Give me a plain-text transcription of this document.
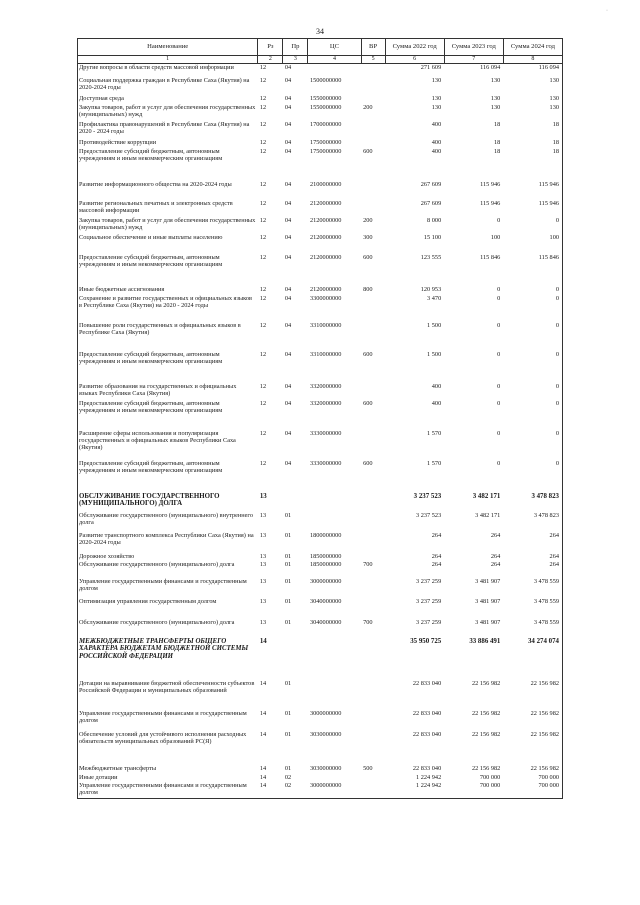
34
·
Наименование	Рз	Пр	ЦС	ВР	Сумма 2022 год	Сумма 2023 год	Сумма 2024 год
1	2	3	4	5	6	7	8
Другие вопросы в области средств массовой информации	12	04			271 609	116 094	116 094
Социальная поддержка граждан в Республике Саха (Якутия) на 2020-2024 годы	12	04	1500000000		130	130	130
Доступная среда	12	04	1550000000		130	130	130
Закупка товаров, работ и услуг для обеспечения государственных (муниципальных) нужд	12	04	1550000000	200	130	130	130
Профилактика правонарушений в Республике Саха (Якутия) на 2020 - 2024 годы	12	04	1700000000		400	18	18
Противодействие коррупции	12	04	1750000000		400	18	18
Предоставление субсидий бюджетным, автономным учреждениям и иным некоммерческим организациям	12	04	1750000000	600	400	18	18
Развитие информационного общества на 2020-2024 годы	12	04	2100000000		267 609	115 946	115 946
Развитие региональных печатных и электронных средств массовой информации	12	04	2120000000		267 609	115 946	115 946
Закупка товаров, работ и услуг для обеспечения государственных (муниципальных) нужд	12	04	2120000000	200	8 000	0	0
Социальное обеспечение и иные выплаты населению	12	04	2120000000	300	15 100	100	100
Предоставление субсидий бюджетным, автономным учреждениям и иным некоммерческим организациям	12	04	2120000000	600	123 555	115 846	115 846
Иные бюджетные ассигнования	12	04	2120000000	800	120 953	0	0
Сохранение и развитие государственных и официальных языков в Республике Саха (Якутия) на 2020 - 2024 годы	12	04	3300000000		3 470	0	0
Повышение роли государственных и официальных языков в Республике Саха (Якутия)	12	04	3310000000		1 500	0	0
Предоставление субсидий бюджетным, автономным учреждениям и иным некоммерческим организациям	12	04	3310000000	600	1 500	0	0
Развитие образования на государственных и официальных языках Республики Саха (Якутия)	12	04	3320000000		400	0	0
Предоставление субсидий бюджетным, автономным учреждениям и иным некоммерческим организациям	12	04	3320000000	600	400	0	0
Расширение сферы использования и популяризация государственных и официальных языков Республики Саха (Якутия)	12	04	3330000000		1 570	0	0
Предоставление субсидий бюджетным, автономным учреждениям и иным некоммерческим организациям	12	04	3330000000	600	1 570	0	0
ОБСЛУЖИВАНИЕ ГОСУДАРСТВЕННОГО (МУНИЦИПАЛЬНОГО) ДОЛГА	13				3 237 523	3 482 171	3 478 823
Обслуживание государственного (муниципального) внутреннего долга	13	01			3 237 523	3 482 171	3 478 823
Развитие транспортного комплекса Республики Саха (Якутия) на 2020-2024 годы	13	01	1800000000		264	264	264
Дорожное хозяйство	13	01	1850000000		264	264	264
Обслуживание государственного (муниципального) долга	13	01	1850000000	700	264	264	264
Управление государственными финансами и государственным долгом	13	01	3000000000		3 237 259	3 481 907	3 478 559
Оптимизация управления государственным долгом	13	01	3040000000		3 237 259	3 481 907	3 478 559
Обслуживание государственного (муниципального) долга	13	01	3040000000	700	3 237 259	3 481 907	3 478 559
МЕЖБЮДЖЕТНЫЕ ТРАНСФЕРТЫ ОБЩЕГО ХАРАКТЕРА БЮДЖЕТАМ БЮДЖЕТНОЙ СИСТЕМЫ РОССИЙСКОЙ ФЕДЕРАЦИИ	14				35 950 725	33 886 491	34 274 074
Дотации на выравнивание бюджетной обеспеченности субъектов Российской Федерации и муниципальных образований	14	01			22 833 040	22 156 982	22 156 982
Управление государственными финансами и государственным долгом	14	01	3000000000		22 833 040	22 156 982	22 156 982
Обеспечение условий для устойчивого исполнения расходных обязательств муниципальных образований РС(Я)	14	01	3030000000		22 833 040	22 156 982	22 156 982
Межбюджетные трансферты	14	01	3030000000	500	22 833 040	22 156 982	22 156 982
Иные дотации	14	02			1 224 942	700 000	700 000
Управление государственными финансами и государственным долгом	14	02	3000000000		1 224 942	700 000	700 000
